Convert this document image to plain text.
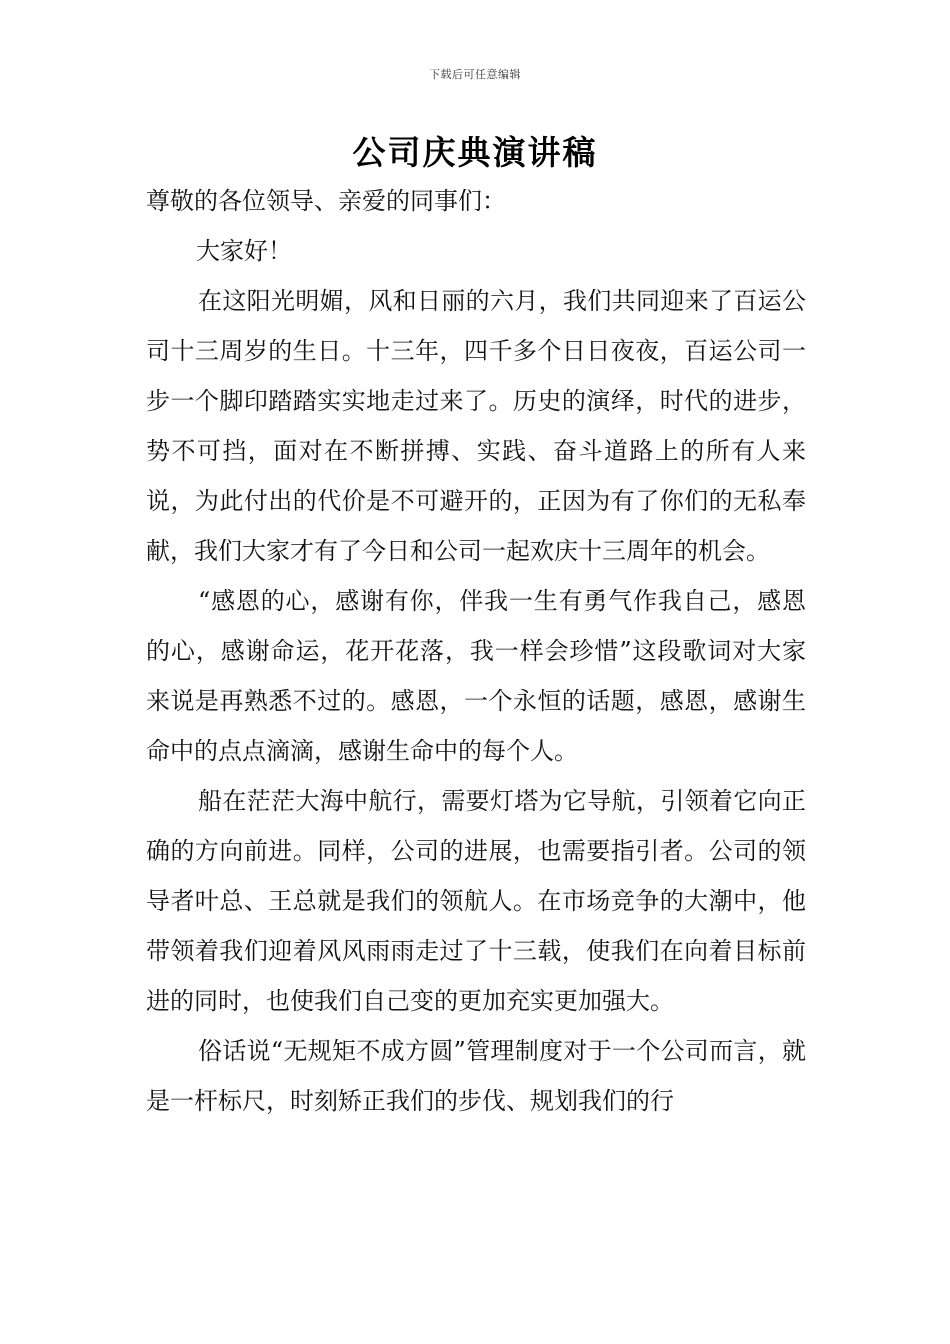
下载后可任意编辑
公司庆典演讲稿

尊敬的各位领导、亲爱的同事们：

大家好！

在这阳光明媚，风和日丽的六月，我们共同迎来了百运公司十三周岁的生日。十三年，四千多个日日夜夜，百运公司一步一个脚印踏踏实实地走过来了。历史的演绎，时代的进步，势不可挡，面对在不断拼搏、实践、奋斗道路上的所有人来说，为此付出的代价是不可避开的，正因为有了你们的无私奉献，我们大家才有了今日和公司一起欢庆十三周年的机会。

“感恩的心，感谢有你，伴我一生有勇气作我自己，感恩的心，感谢命运，花开花落，我一样会珍惜”这段歌词对大家来说是再熟悉不过的。感恩，一个永恒的话题，感恩，感谢生命中的点点滴滴，感谢生命中的每个人。

船在茫茫大海中航行，需要灯塔为它导航，引领着它向正确的方向前进。同样，公司的进展，也需要指引者。公司的领导者叶总、王总就是我们的领航人。在市场竞争的大潮中，他带领着我们迎着风风雨雨走过了十三载，使我们在向着目标前进的同时，也使我们自己变的更加充实更加强大。

俗话说“无规矩不成方圆”管理制度对于一个公司而言，就是一杆标尺，时刻矫正我们的步伐、规划我们的行
